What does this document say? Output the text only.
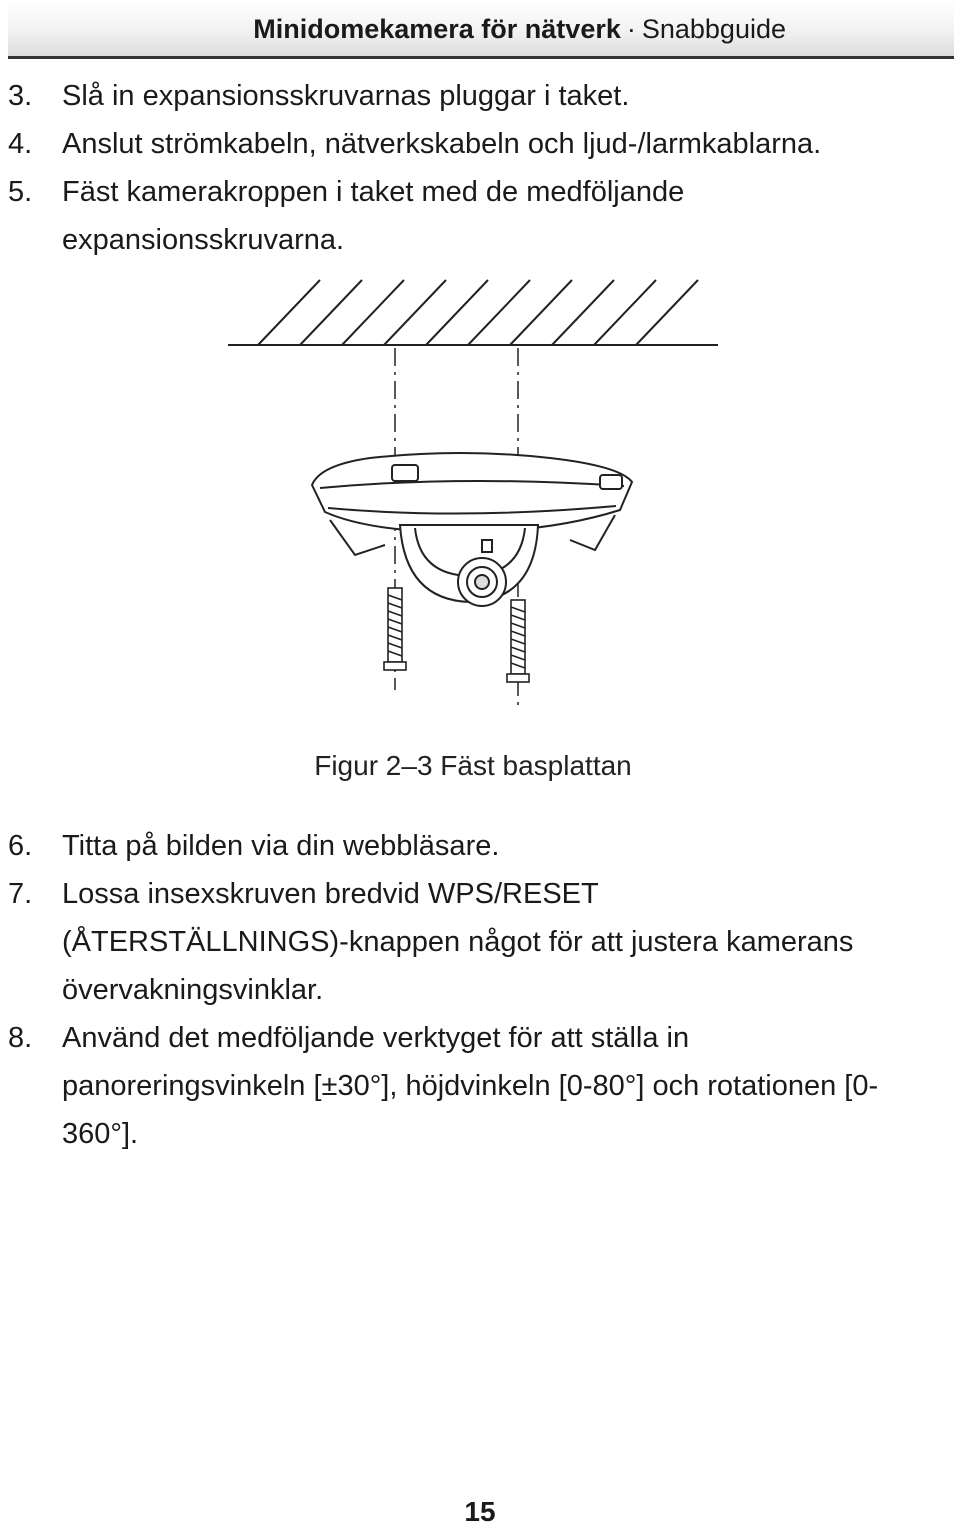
Minidomekamera för nätverk · Snabbguide
3.	Slå in expansionsskruvarnas pluggar i taket.
4.	Anslut strömkabeln, nätverkskabeln och ljud-/larmkablarna.
5.	Fäst kamerakroppen i taket med de medföljande expansionsskruvarna.
Figur 2–3 Fäst basplattan
6.	Titta på bilden via din webbläsare.
7.	Lossa insexskruven bredvid WPS/RESET (ÅTERSTÄLLNINGS)-knappen något för att justera kamerans övervakningsvinklar.
8.	Använd det medföljande verktyget för att ställa in panoreringsvinkeln [±30°], höjdvinkeln [0-80°] och rotationen [0-360°].
15
